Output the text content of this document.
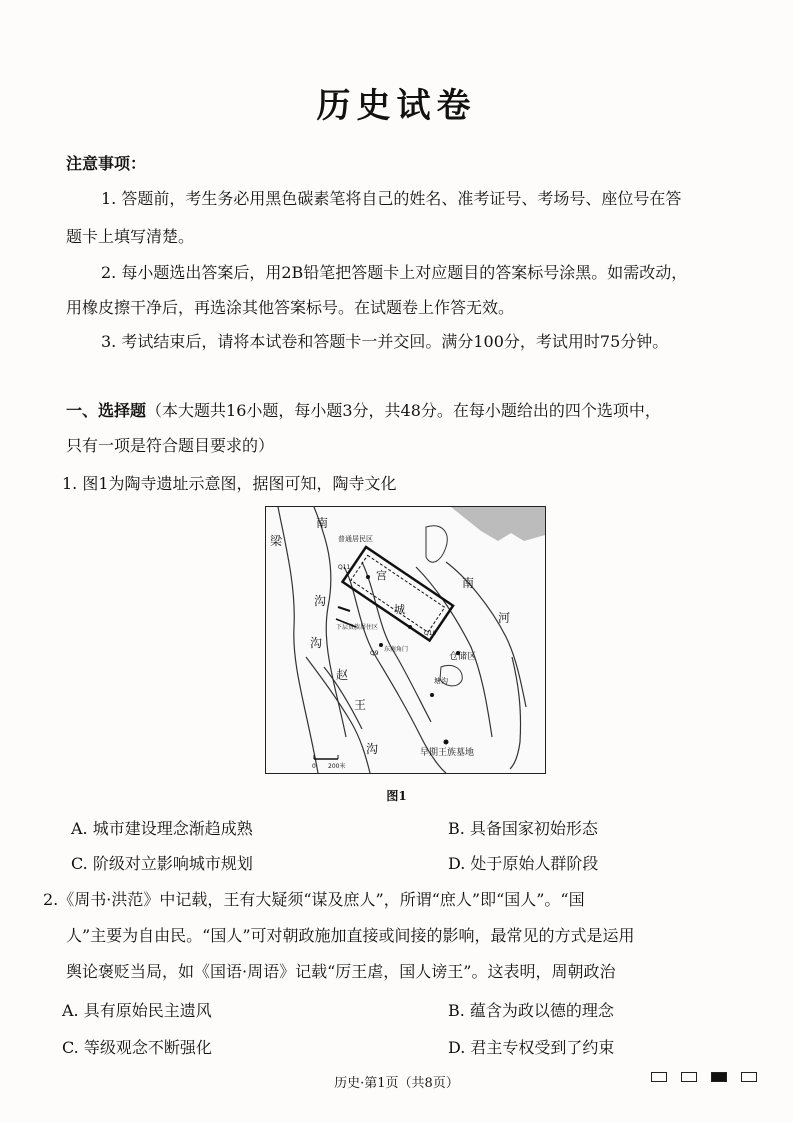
历史试卷
注意事项：
1. 答题前，考生务必用黑色碳素笔将自己的姓名、准考证号、考场号、座位号在答
题卡上填写清楚。
2. 每小题选出答案后，用2B铅笔把答题卡上对应题目的答案标号涂黑。如需改动，
用橡皮擦干净后，再选涂其他答案标号。在试题卷上作答无效。
3. 考试结束后，请将本试卷和答题卡一并交回。满分100分，考试用时75分钟。
一、选择题（本大题共16小题，每小题3分，共48分。在每小题给出的四个选项中，
只有一项是符合题目要求的）
1. 图1为陶寺遗址示意图，据图可知，陶寺文化
南
梁
沟
沟
赵
王
沟
南
河
普通居民区
宫
城
下层贵族居住区
仓储区
东南角门
Q11
Q10
Q9
塘沟
早期王族墓地
0 200米
图1
A. 城市建设理念渐趋成熟	B. 具备国家初始形态
C. 阶级对立影响城市规划	D. 处于原始人群阶段
2.《周书·洪范》中记载，王有大疑须“谋及庶人”，所谓“庶人”即“国人”。“国
人”主要为自由民。“国人”可对朝政施加直接或间接的影响，最常见的方式是运用
舆论褒贬当局，如《国语·周语》记载“厉王虐，国人谤王”。这表明，周朝政治
A. 具有原始民主遗风	B. 蕴含为政以德的理念
C. 等级观念不断强化	D. 君主专权受到了约束
历史·第1页（共8页）
